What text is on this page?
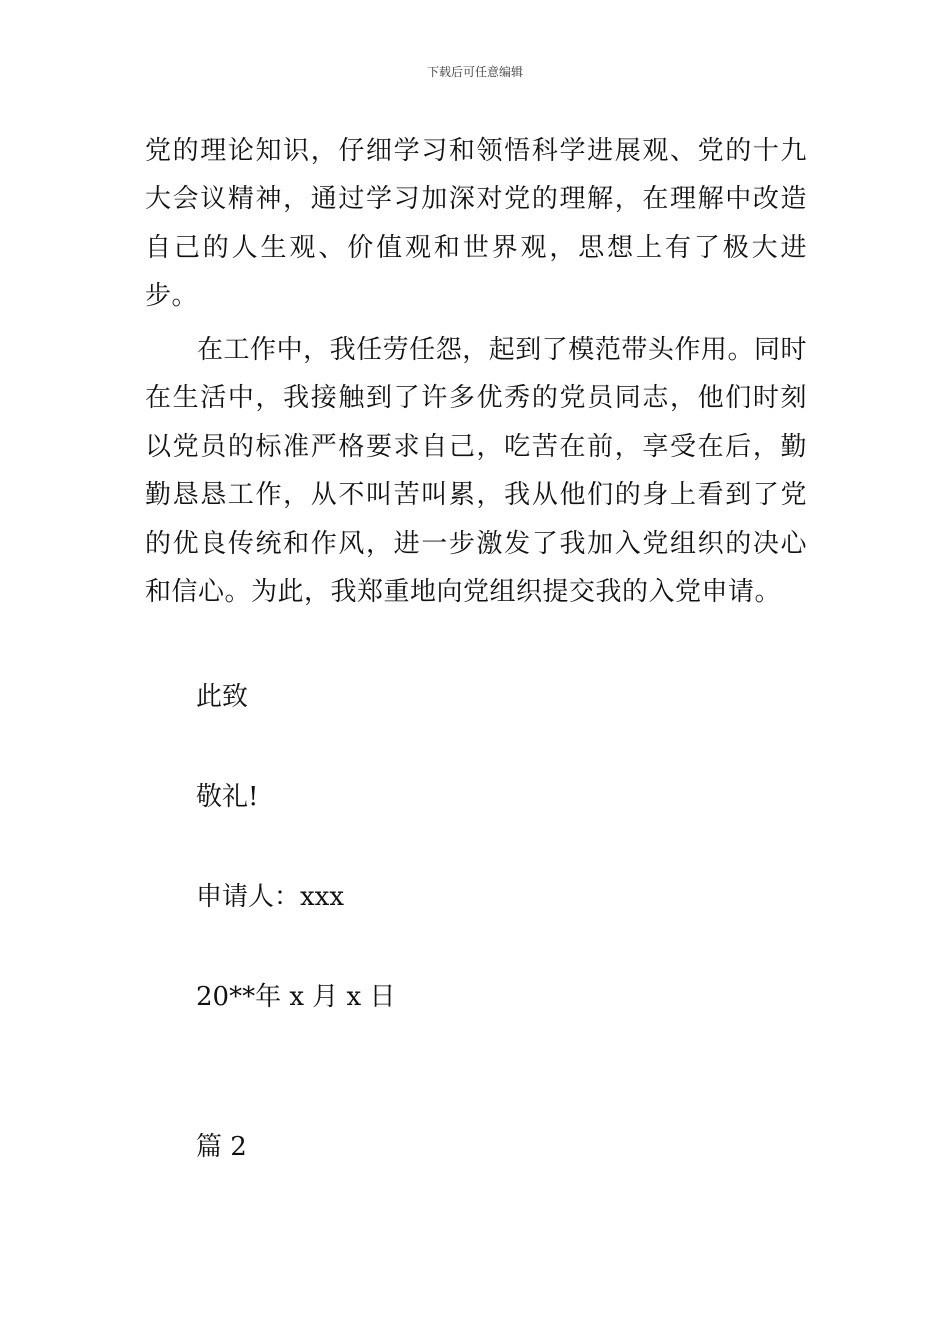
下载后可任意编辑

党的理论知识，仔细学习和领悟科学进展观、党的十九大会议精神，通过学习加深对党的理解，在理解中改造自己的人生观、价值观和世界观，思想上有了极大进步。

在工作中，我任劳任怨，起到了模范带头作用。同时在生活中，我接触到了许多优秀的党员同志，他们时刻以党员的标准严格要求自己，吃苦在前，享受在后，勤勤恳恳工作，从不叫苦叫累，我从他们的身上看到了党的优良传统和作风，进一步激发了我加入党组织的决心和信心。为此，我郑重地向党组织提交我的入党申请。

此致

敬礼!

申请人：xxx

20**年 x 月 x 日

篇 2
